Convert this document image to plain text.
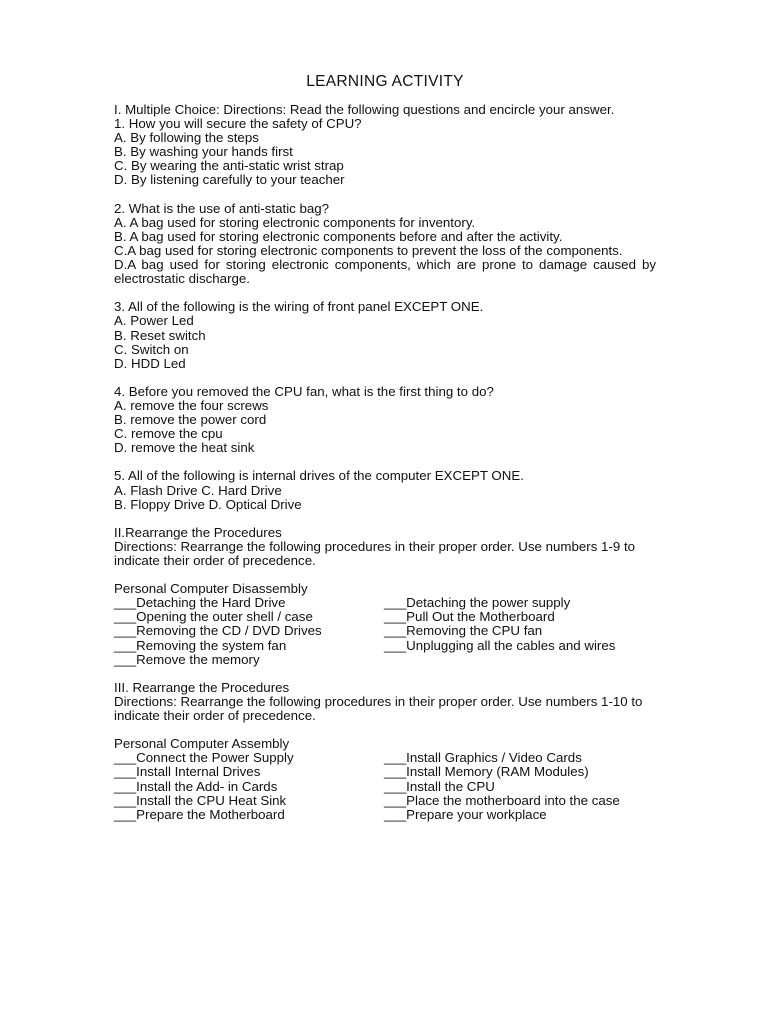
LEARNING ACTIVITY
I. Multiple Choice: Directions: Read the following questions and encircle your answer.
1. How you will secure the safety of CPU?
A. By following the steps
B. By washing your hands first
C. By wearing the anti-static wrist strap
D. By listening carefully to your teacher
2. What is the use of anti-static bag?
A. A bag used for storing electronic components for inventory.
B. A bag used for storing electronic components before and after the activity.
C.A bag used for storing electronic components to prevent the loss of the components.
D.A bag used for storing electronic components, which are prone to damage caused by electrostatic discharge.
3. All of the following is the wiring of front panel EXCEPT ONE.
A. Power Led
B. Reset switch
C. Switch on
D. HDD Led
4. Before you removed the CPU fan, what is the first thing to do?
A. remove the four screws
B. remove the power cord
C. remove the cpu
D. remove the heat sink
5. All of the following is internal drives of the computer EXCEPT ONE.
A. Flash Drive C. Hard Drive
B. Floppy Drive D. Optical Drive
II.Rearrange the Procedures
Directions: Rearrange the following procedures in their proper order. Use numbers 1-9 to indicate their order of precedence.
Personal Computer Disassembly
___Detaching the Hard Drive
___Opening the outer shell / case
___Removing the CD / DVD Drives
___Removing the system fan
___Remove the memory
___Detaching the power supply
___Pull Out the Motherboard
___Removing the CPU fan
___Unplugging all the cables and wires
III. Rearrange the Procedures
Directions: Rearrange the following procedures in their proper order. Use numbers 1-10 to indicate their order of precedence.
Personal Computer Assembly
___Connect the Power Supply
___Install Internal Drives
___Install the Add- in Cards
___Install the CPU Heat Sink
___Prepare the Motherboard
___Install Graphics / Video Cards
___Install Memory (RAM Modules)
___Install the CPU
___Place the motherboard into the case
___Prepare your workplace
